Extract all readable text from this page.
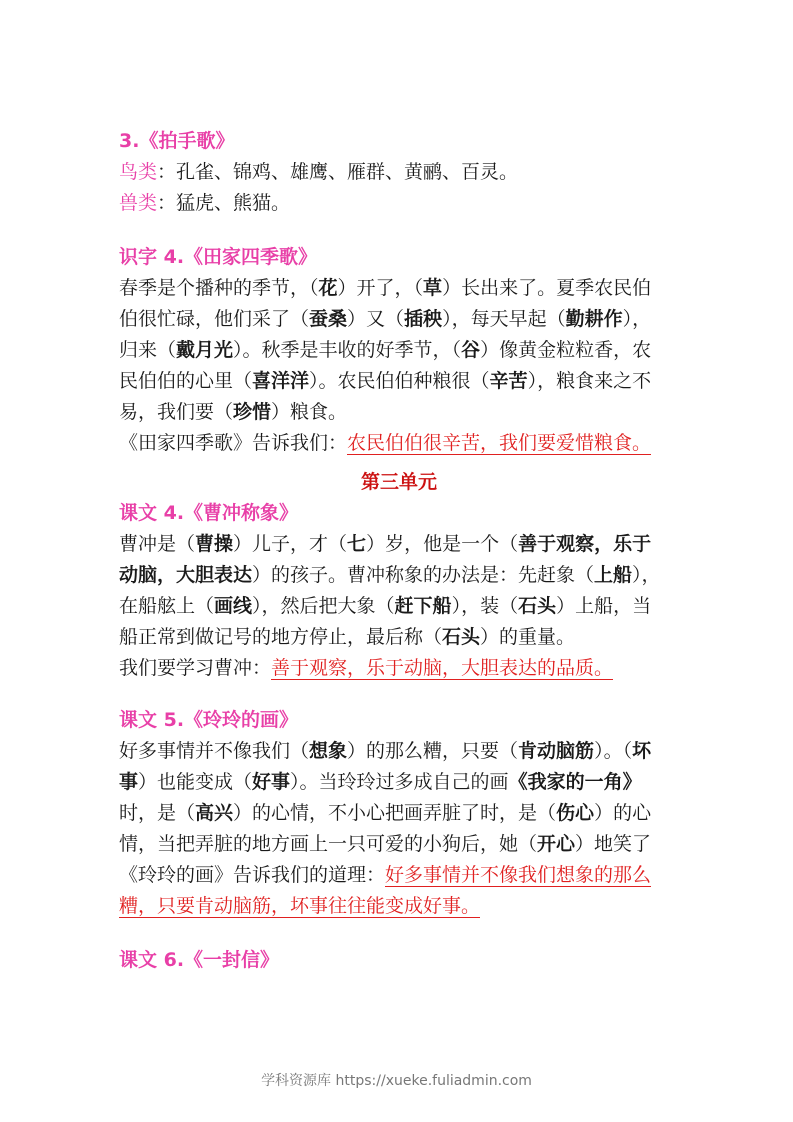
3.《拍手歌》
鸟类：孔雀、锦鸡、雄鹰、雁群、黄鹂、百灵。
兽类：猛虎、熊猫。
识字 4.《田家四季歌》
春季是个播种的季节，（花）开了，（草）长出来了。夏季农民伯
伯很忙碌，他们采了（蚕桑）又（插秧），每天早起（勤耕作），
归来（戴月光）。秋季是丰收的好季节，（谷）像黄金粒粒香，农
民伯伯的心里（喜洋洋）。农民伯伯种粮很（辛苦），粮食来之不
易，我们要（珍惜）粮食。
《田家四季歌》告诉我们：农民伯伯很辛苦，我们要爱惜粮食。
第三单元
课文 4.《曹冲称象》
曹冲是（曹操）儿子，才（七）岁，他是一个（善于观察，乐于
动脑，大胆表达）的孩子。曹冲称象的办法是：先赶象（上船），
在船舷上（画线），然后把大象（赶下船），装（石头）上船，当
船正常到做记号的地方停止，最后称（石头）的重量。
我们要学习曹冲：善于观察，乐于动脑，大胆表达的品质。
课文 5.《玲玲的画》
好多事情并不像我们（想象）的那么糟，只要（肯动脑筋）。（坏
事）也能变成（好事）。当玲玲过多成自己的画《我家的一角》
时，是（高兴）的心情，不小心把画弄脏了时，是（伤心）的心
情，当把弄脏的地方画上一只可爱的小狗后，她（开心）地笑了
《玲玲的画》告诉我们的道理：好多事情并不像我们想象的那么
糟，只要肯动脑筋，坏事往往能变成好事。
课文 6.《一封信》
学科资源库 https://xueke.fuliadmin.com
